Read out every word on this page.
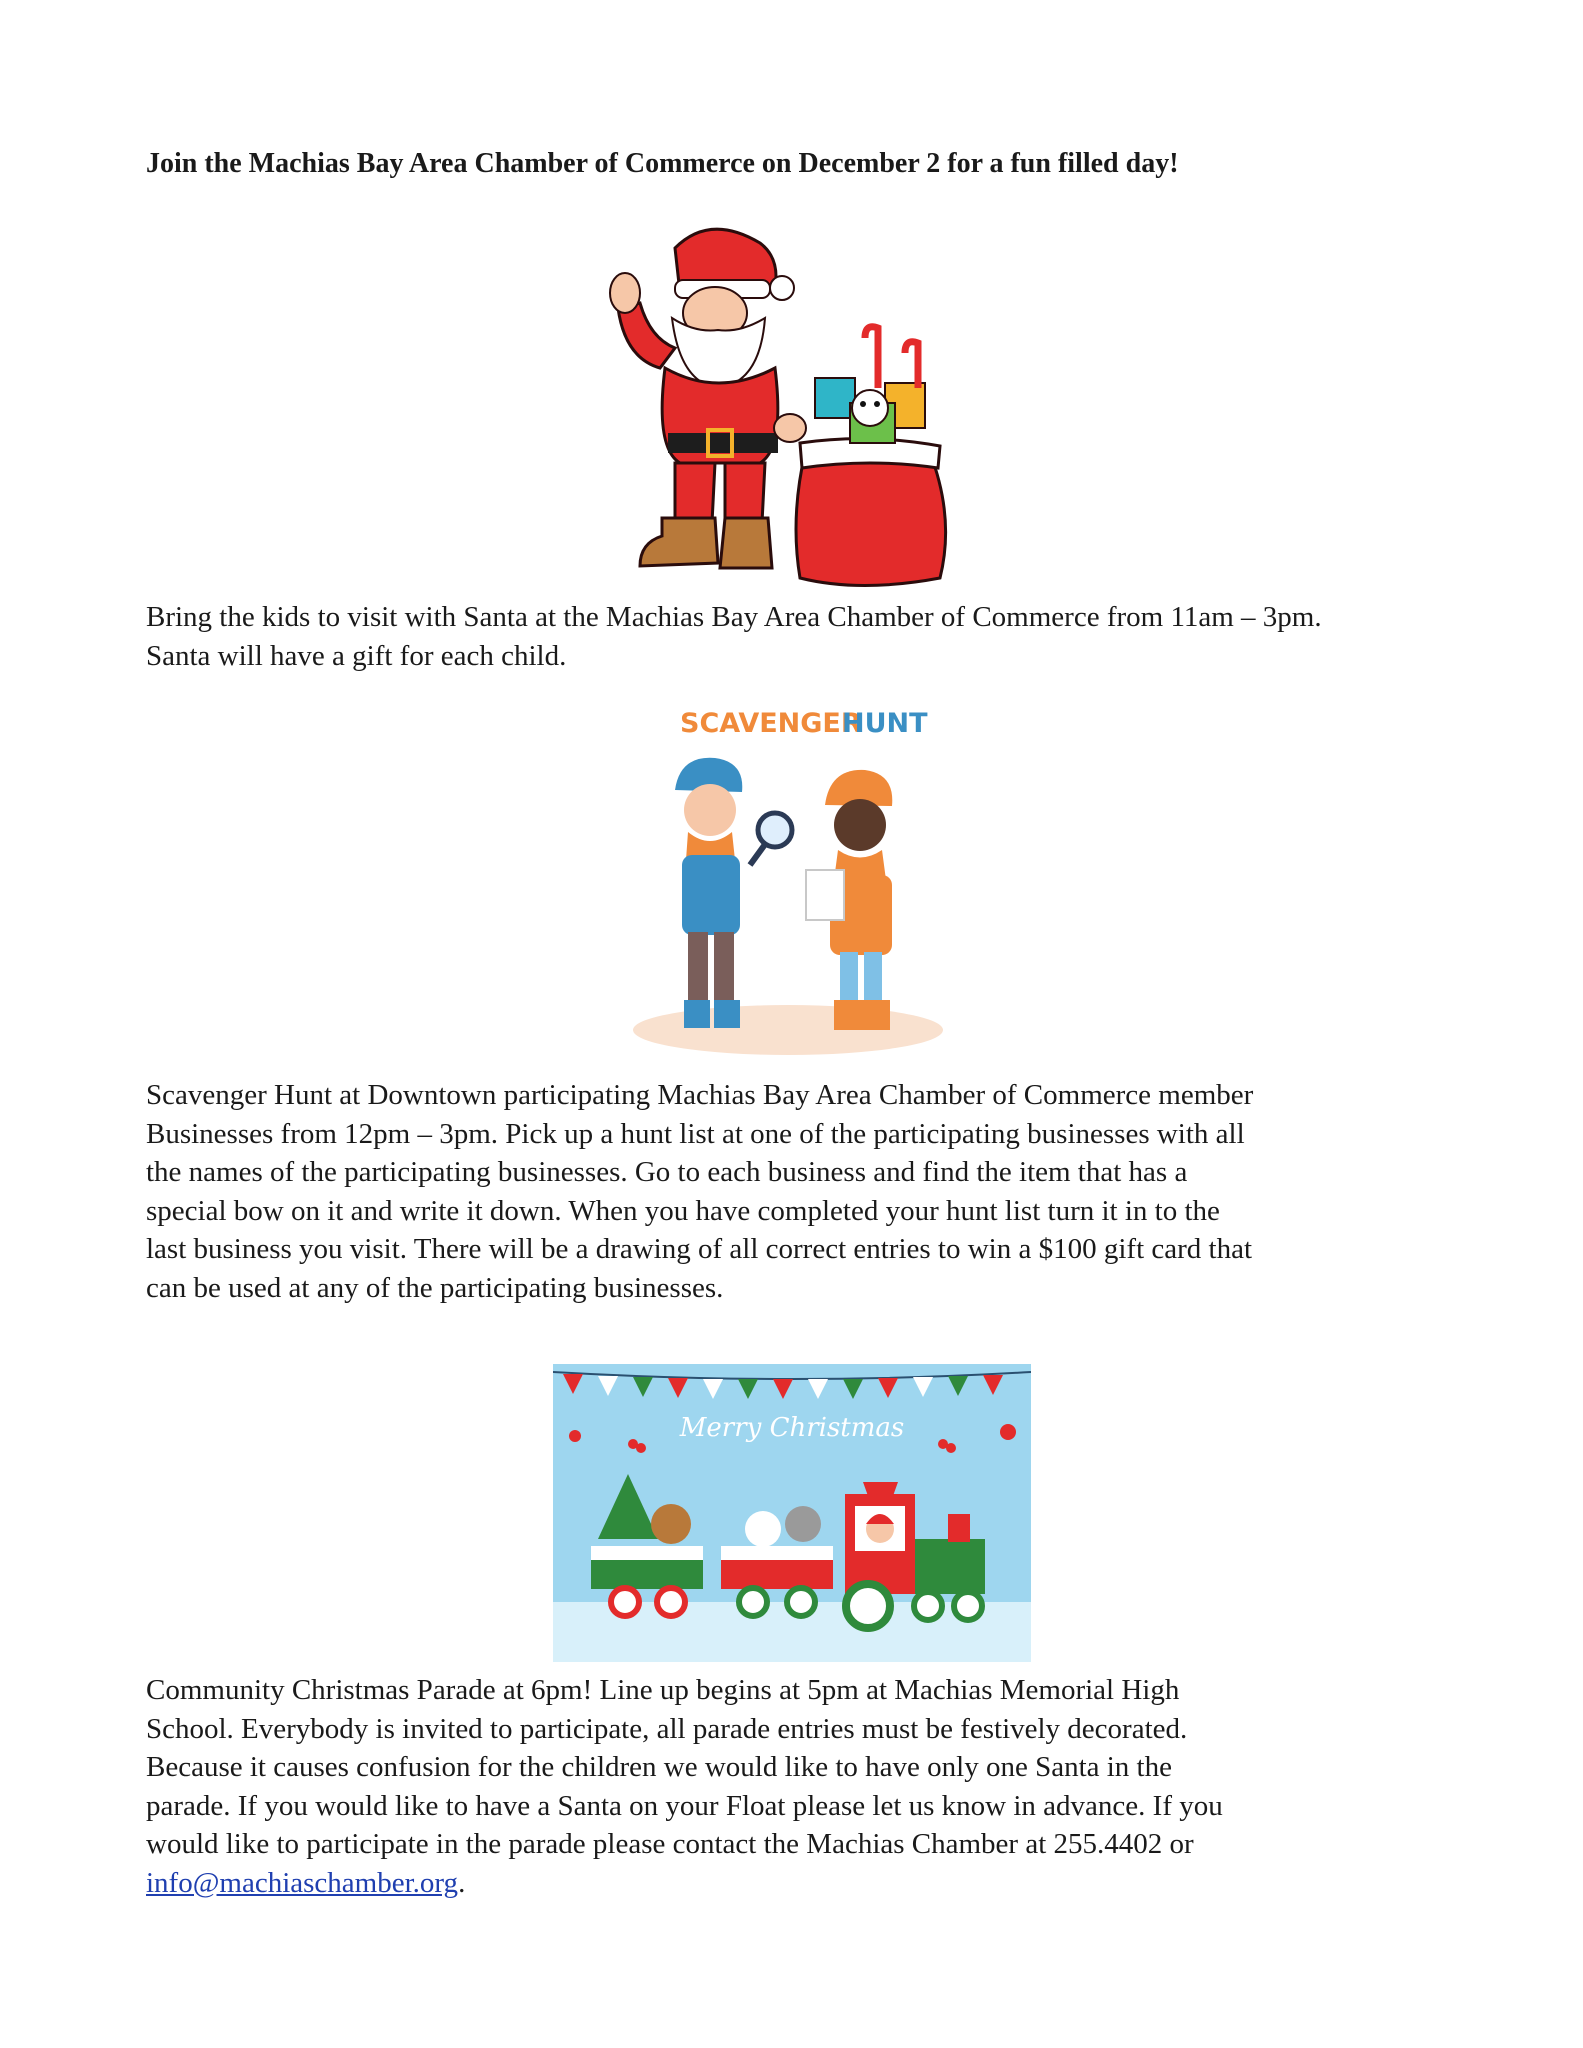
Join the Machias Bay Area Chamber of Commerce on December 2 for a fun filled day!

Bring the kids to visit with Santa at the Machias Bay Area Chamber of Commerce from 11am – 3pm.
Santa will have a gift for each child.

SCAVENGER
HUNT

Scavenger Hunt at Downtown participating Machias Bay Area Chamber of Commerce member
Businesses from 12pm – 3pm. Pick up a hunt list at one of the participating businesses with all
the names of the participating businesses. Go to each business and find the item that has a
special bow on it and write it down. When you have completed your hunt list turn it in to the
last business you visit. There will be a drawing of all correct entries to win a $100 gift card that
can be used at any of the participating businesses.

Merry Christmas

Community Christmas Parade at 6pm! Line up begins at 5pm at Machias Memorial High
School. Everybody is invited to participate, all parade entries must be festively decorated.
Because it causes confusion for the children we would like to have only one Santa in the
parade. If you would like to have a Santa on your Float please let us know in advance. If you
would like to participate in the parade please contact the Machias Chamber at 255.4402 or
info@machiaschamber.org.
